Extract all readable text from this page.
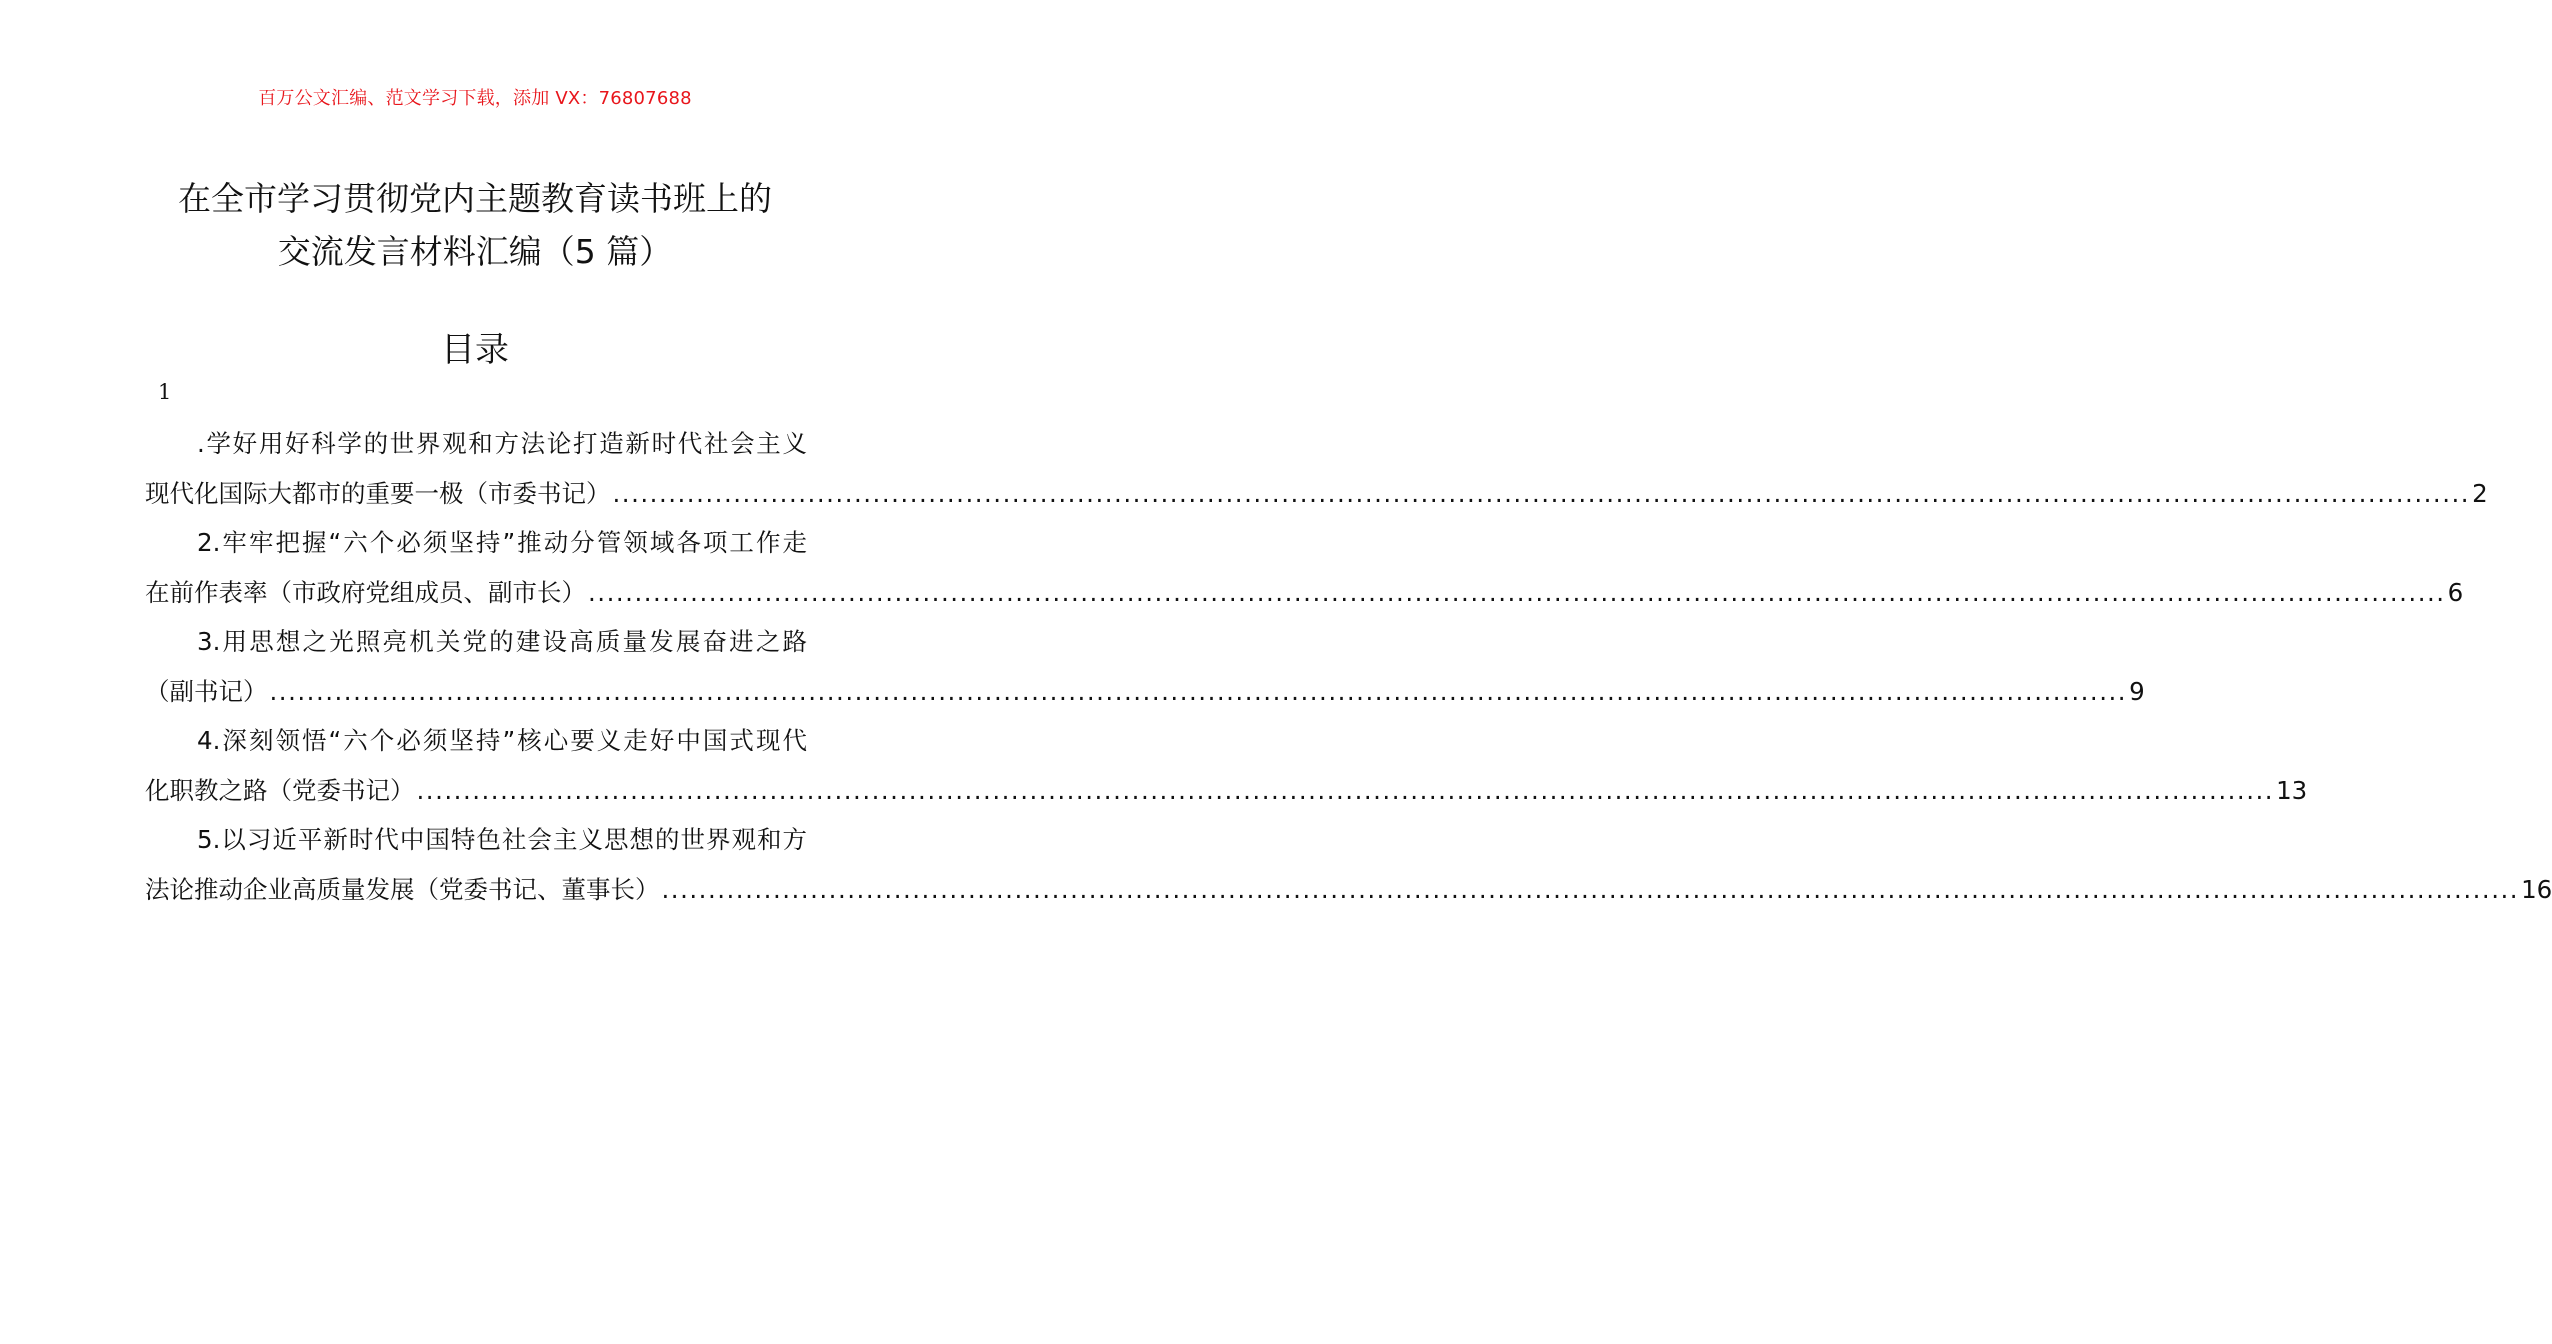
百万公文汇编、范文学习下载，添加 VX：76807688
在全市学习贯彻党内主题教育读书班上的
交流发言材料汇编（5 篇）
目录
1
.学好用好科学的世界观和方法论打造新时代社会主义
现代化国际大都市的重要一极（市委书记） ........................................................................................................................................................................................................ 2
2.牢牢把握“六个必须坚持”推动分管领域各项工作走
在前作表率（市政府党组成员、副市长） ........................................................................................................................................................................................................ 6
3.用思想之光照亮机关党的建设高质量发展奋进之路
（副书记） ........................................................................................................................................................................................................ 9
4.深刻领悟“六个必须坚持”核心要义走好中国式现代
化职教之路（党委书记） ........................................................................................................................................................................................................ 13
5.以习近平新时代中国特色社会主义思想的世界观和方
法论推动企业高质量发展（党委书记、董事长） ........................................................................................................................................................................................................ 16
